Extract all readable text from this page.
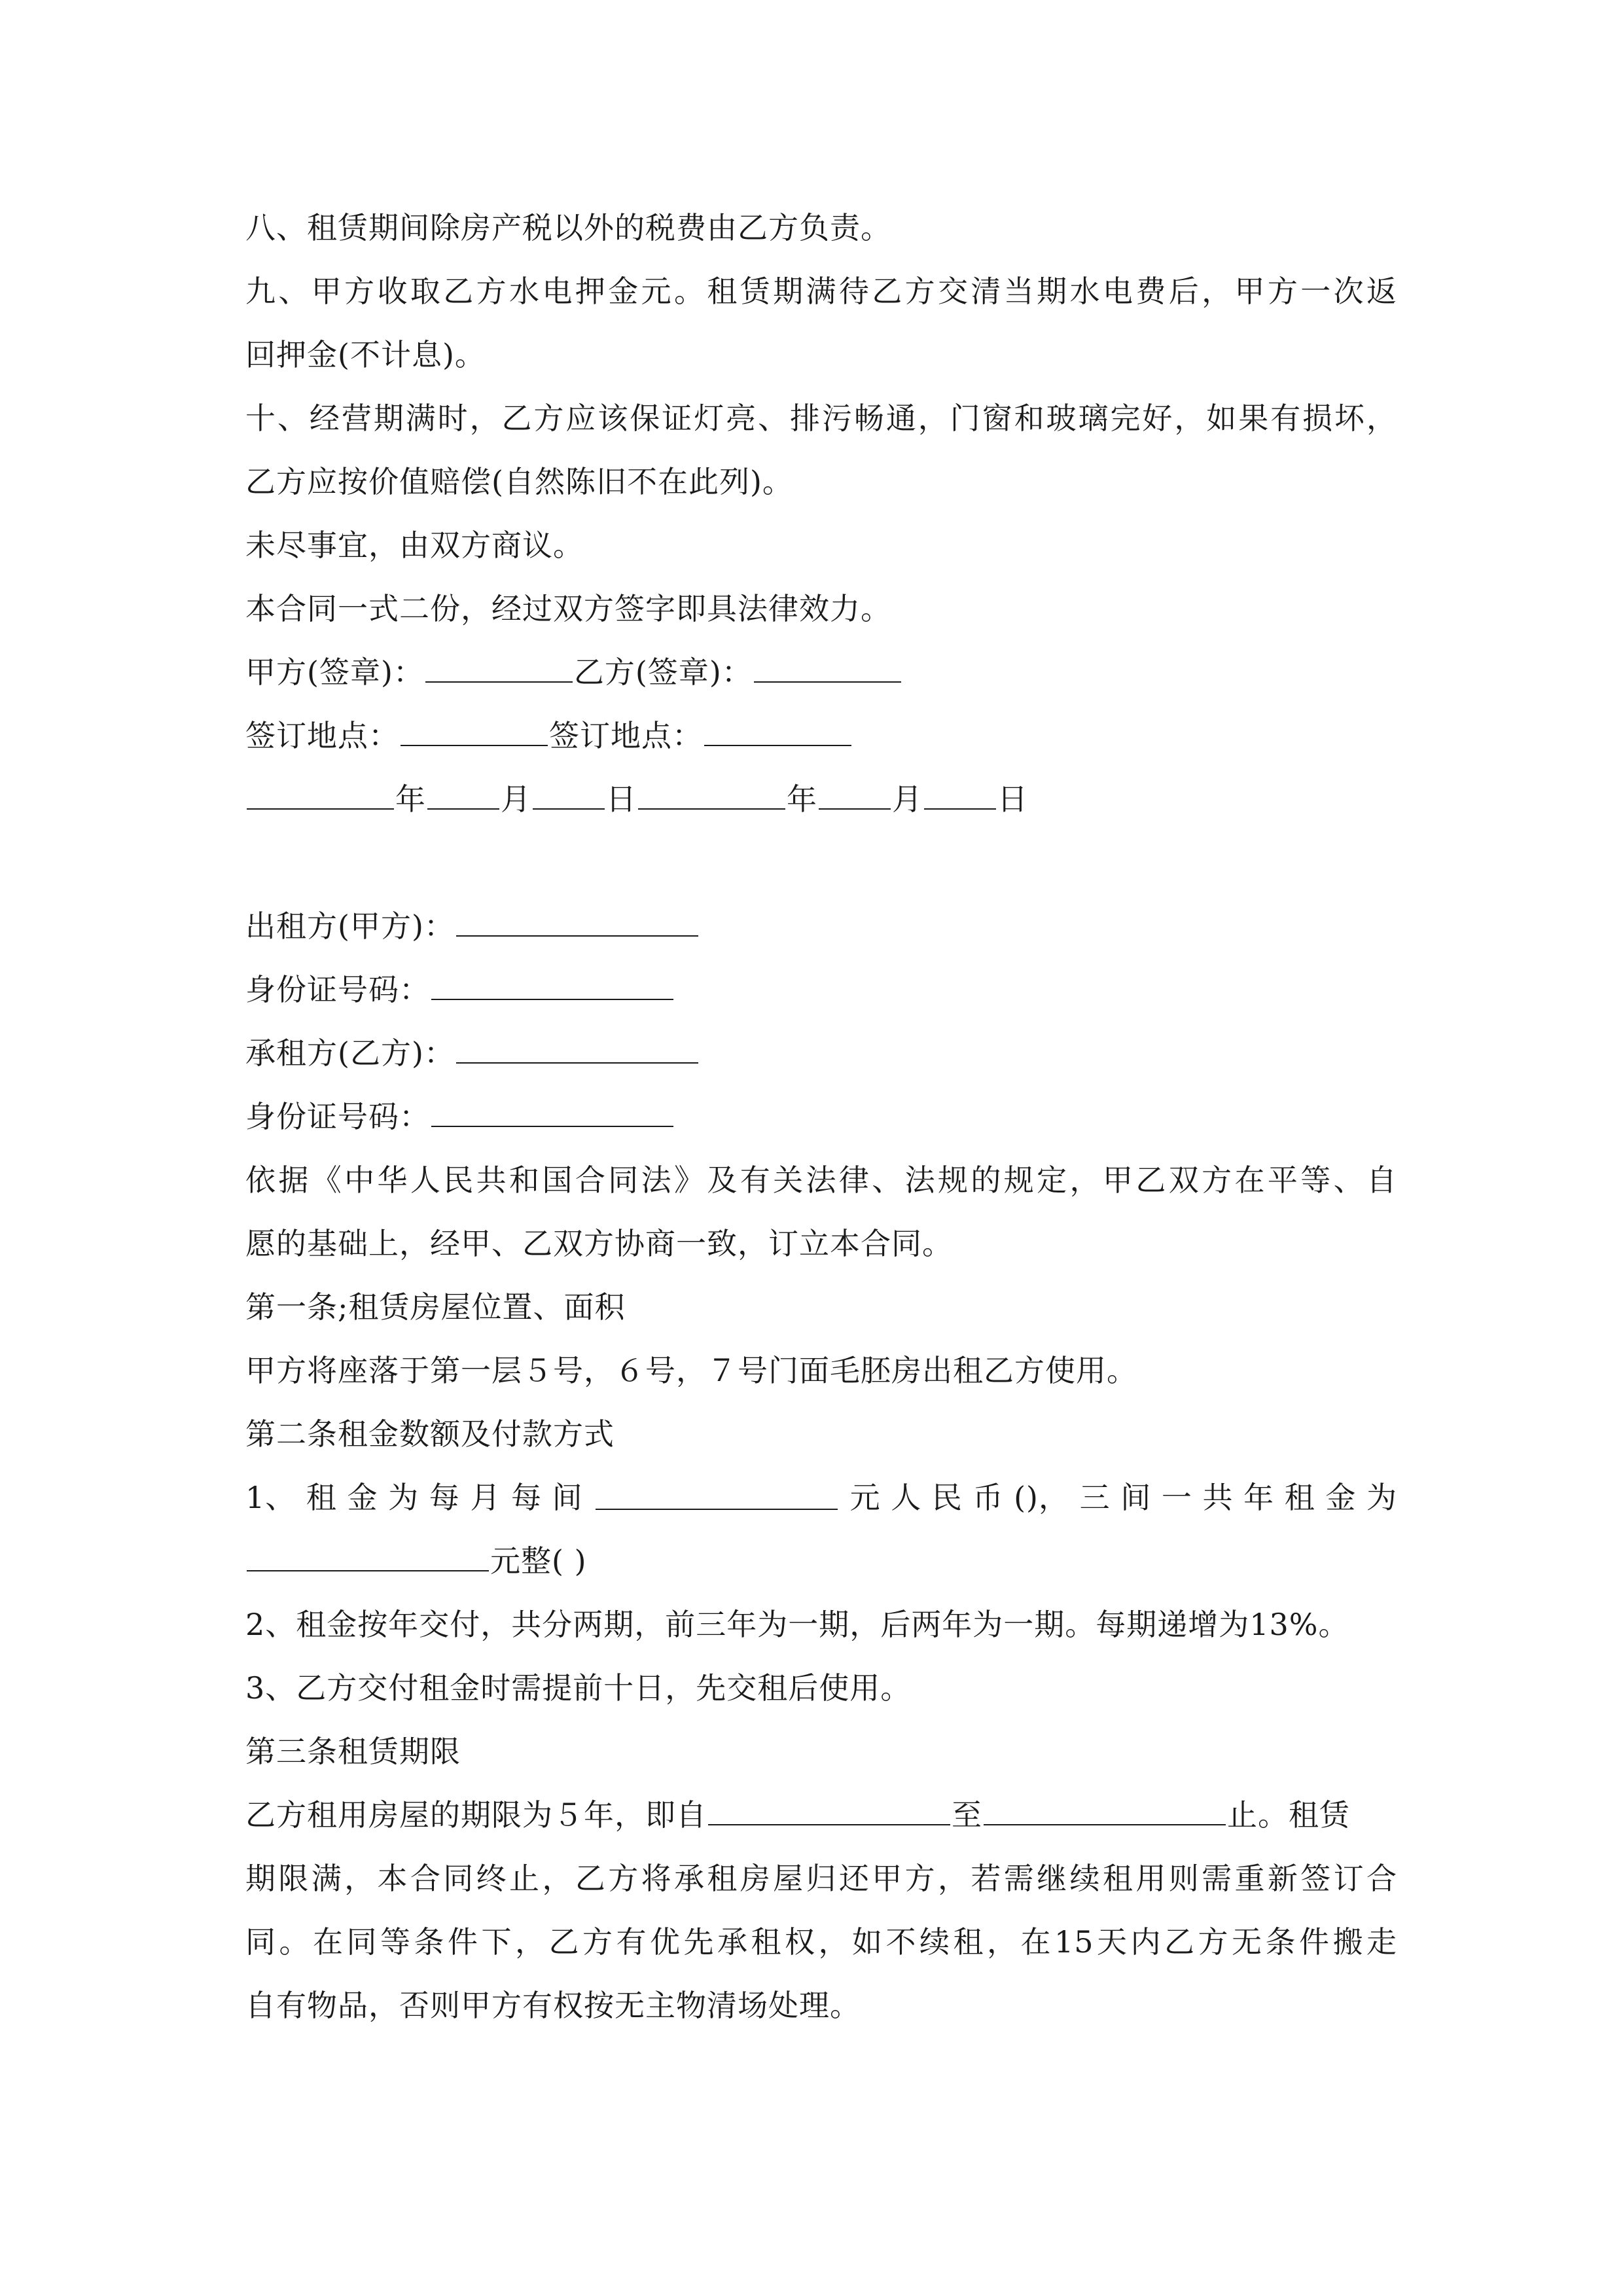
八、租赁期间除房产税以外的税费由乙方负责。
九、甲方收取乙方水电押金元。租赁期满待乙方交清当期水电费后，甲方一次返
回押金(不计息)。
十、经营期满时，乙方应该保证灯亮、排污畅通，门窗和玻璃完好，如果有损坏，
乙方应按价值赔偿(自然陈旧不在此列)。
未尽事宜，由双方商议。
本合同一式二份，经过双方签字即具法律效力。
甲方(签章)：	乙方(签章)：
签订地点：	签订地点：
年 月 日	年 月 日
出租方(甲方)：
身份证号码：
承租方(乙方)：
身份证号码：
依据《中华人民共和国合同法》及有关法律、法规的规定，甲乙双方在平等、自
愿的基础上，经甲、乙双方协商一致，订立本合同。
第一条;租赁房屋位置、面积
甲方将座落于第一层５号，６号，７号门面毛胚房出租乙方使用。
第二条租金数额及付款方式
1、 租 金 为 每 月 每 间	元 人 民 币 ()， 三 间 一 共 年 租 金 为
元整( )
2、租金按年交付，共分两期，前三年为一期，后两年为一期。每期递增为13%。
3、乙方交付租金时需提前十日，先交租后使用。
第三条租赁期限
乙方租用房屋的期限为５年，即自	至	止。租赁
期限满，本合同终止，乙方将承租房屋归还甲方，若需继续租用则需重新签订合
同。在同等条件下，乙方有优先承租权，如不续租，在15天内乙方无条件搬走
自有物品，否则甲方有权按无主物清场处理。
